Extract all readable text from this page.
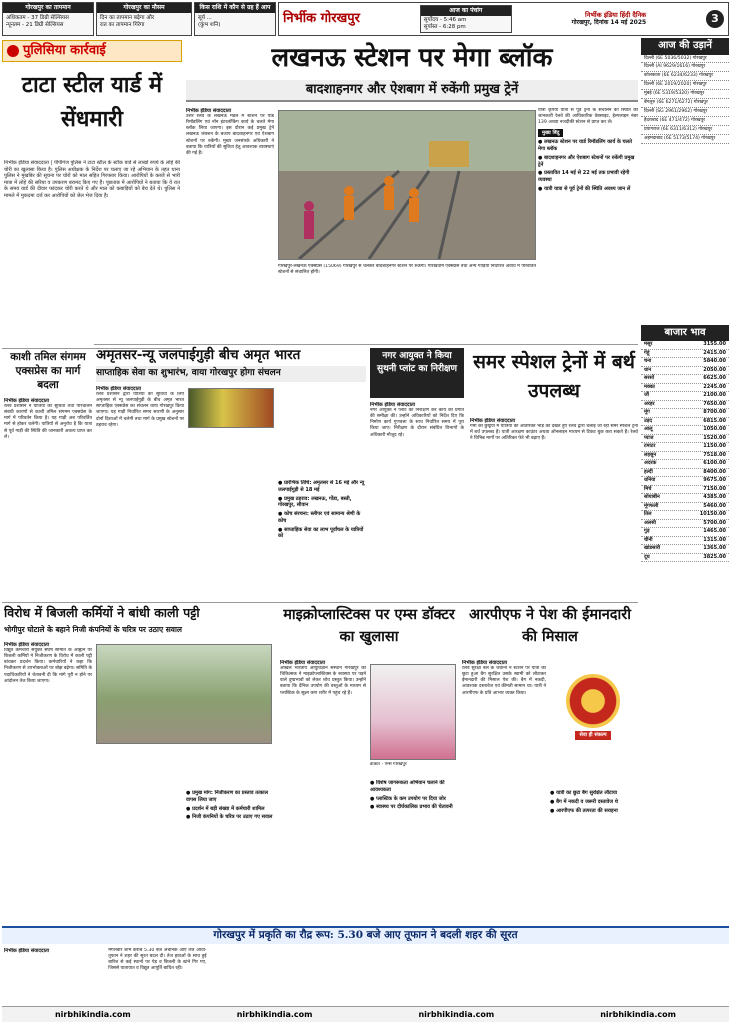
गोरखपुर का तापमान
अधिकतम - 37 डिग्री सेल्सियस
न्यूनतम - 21 डिग्री सेल्सियस
गोरखपुर का मौसम
दिन का तापमान बढ़ेगा और
रात का तापमान गिरेगा
किस राशि में कौन से ग्रह हैं आप
सूर्य ...
(कुंभ शनि)	निर्भीक गोरखपुर
आज का पंचांग
सूर्योदय - 5:46 am
सूर्यास्त - 6:28 pm
निर्भीक इंडिया हिंदी दैनिक
गोरखपुर, दिनांक 14 मई 2025	3
पुलिसिया कार्रवाई
टाटा स्टील यार्ड में सेंधमारी
निर्भीक इंडिया संवाददाता | पीपीगंज पुलिस ने टाटा स्टील के स्टॉक यार्ड से लाखों रुपये के लोहे की चोरी का खुलासा किया है। पुलिस अधीक्षक के निर्देश पर चलाए जा रहे अभियान के तहत थाना पुलिस ने मुखबिर की सूचना पर चोरों को माल सहित गिरफ्तार किया। आरोपियों के कब्जे से भारी मात्रा में लोहे की सरिया व उपकरण बरामद किए गए हैं। पूछताछ में आरोपियों ने बताया कि वे रात के समय यार्ड की दीवार फांदकर चोरी करते थे और माल को कबाड़ियों को बेच देते थे। पुलिस ने मामले में मुकदमा दर्ज कर आरोपियों को जेल भेज दिया है।
काशी तमिल संगमम एक्सप्रेस का मार्ग बदला
निर्भीक इंडिया संवाददाता
रेलवे प्रशासन ने यात्रियों की सुविधा तथा परिचालन संबंधी कारणों से काशी तमिल संगमम एक्सप्रेस के मार्ग में परिवर्तन किया है। यह गाड़ी अब परिवर्तित मार्ग से होकर चलेगी। यात्रियों से अनुरोध है कि यात्रा से पूर्व गाड़ी की स्थिति की जानकारी अवश्य प्राप्त कर लें।
लखनऊ स्टेशन पर मेगा ब्लॉक
बादशाहनगर और ऐशबाग में रुकेंगी प्रमुख ट्रेनें
निर्भीक इंडिया संवाददाता
उत्तर रेलवे के लखनऊ मंडल में स्टेशन पर यार्ड रिमॉडलिंग एवं नॉन इंटरलॉकिंग कार्य के चलते मेगा ब्लॉक लिया जाएगा। इस दौरान कई प्रमुख ट्रेनें लखनऊ जंक्शन के बजाय बादशाहनगर एवं ऐशबाग स्टेशनों पर रुकेंगी। मुख्य जनसंपर्क अधिकारी ने बताया कि यात्रियों की सुविधा हेतु आवश्यक व्यवस्थाएं की गई हैं।
यात्री कृपया यात्रा से पूर्व ट्रेनों के संचालन की स्थिति की जानकारी रेलवे की आधिकारिक वेबसाइट, हेल्पलाइन नंबर 139 अथवा नजदीकी स्टेशन से प्राप्त कर लें।
मुख्य बिंदु
● लखनऊ स्टेशन पर यार्ड रिमॉडलिंग कार्य के चलते मेगा ब्लॉक
● बादशाहनगर और ऐशबाग स्टेशनों पर रुकेंगी प्रमुख ट्रेनें
● प्रस्तावित 14 मई से 22 मई तक प्रभावी रहेगी व्यवस्था
● यात्री यात्रा से पूर्व ट्रेनों की स्थिति अवश्य जान लें
गोरखपुर-लखनऊ एक्सप्रेस (15069) गोरखपुर से चलकर बादशाहनगर स्टेशन पर रुकेगी। गोरखधाम एक्सप्रेस तथा अन्य गाड़ियां निर्धारित अवधि में परिवर्तित स्टेशनों से संचालित होंगी।
अमृतसर-न्यू जलपाईगुड़ी बीच अमृत भारत
साप्ताहिक सेवा का शुभारंभ, वाया गोरखपुर होगा संचलन
निर्भीक इंडिया संवाददाता
रेलवे प्रशासन द्वारा यात्रियों की सुविधा के लिए अमृतसर से न्यू जलपाईगुड़ी के बीच अमृत भारत साप्ताहिक एक्सप्रेस का संचलन वाया गोरखपुर किया जाएगा। यह गाड़ी निर्धारित समय सारणी के अनुसार दोनों दिशाओं में चलेगी तथा मार्ग के प्रमुख स्टेशनों पर ठहराव रहेगा।
● प्रारंभिक तिथि: अमृतसर से 16 मई और न्यू जलपाईगुड़ी से 18 मई
● प्रमुख ठहराव: लखनऊ, गोंडा, बस्ती, गोरखपुर, सीवान
● कोच संरचना: स्लीपर एवं सामान्य श्रेणी के कोच
● साप्ताहिक सेवा का लाभ पूर्वांचल के यात्रियों को
नगर आयुक्त ने किया सुथनी प्लांट का निरीक्षण
निर्भीक इंडिया संवाददाता
नगर आयुक्त ने प्लांट का निरीक्षण कर कार्य की प्रगति की समीक्षा की। उन्होंने अधिकारियों को निर्देश दिए कि निर्माण कार्य गुणवत्ता के साथ निर्धारित समय में पूरा किया जाए। निरीक्षण के दौरान संबंधित विभागों के अधिकारी मौजूद रहे।
समर स्पेशल ट्रेनों में बर्थ उपलब्ध
निर्भीक इंडिया संवाददाता
गर्मी की छुट्टियों में यात्रियों की अतिरिक्त भीड़ को देखते हुए रेलवे द्वारा चलाई जा रही समर स्पेशल ट्रेनों में बर्थ उपलब्ध हैं। यात्री आरक्षण काउंटर अथवा ऑनलाइन माध्यम से टिकट बुक करा सकते हैं। रेलवे ने विभिन्न मार्गों पर अतिरिक्त फेरे भी बढ़ाए हैं।
विरोध में बिजली कर्मियों ने बांधी काली पट्टी
भोगीपुर घोटाले के बहाने निजी कंपनियों के चरित्र पर उठाए सवाल
निर्भीक इंडिया संवाददाता
विद्युत कर्मचारी संयुक्त संघर्ष समिति के आह्वान पर बिजली कर्मियों ने निजीकरण के विरोध में काली पट्टी बांधकर प्रदर्शन किया। कर्मचारियों ने कहा कि निजीकरण से उपभोक्ताओं पर बोझ बढ़ेगा। समिति के पदाधिकारियों ने चेतावनी दी कि मांगे पूरी न होने पर आंदोलन तेज किया जाएगा।
● प्रमुख मांग: निजीकरण का प्रस्ताव तत्काल वापस लिया जाए
● प्रदर्शन में बड़ी संख्या में कर्मचारी शामिल
● निजी कंपनियों के चरित्र पर उठाए गए सवाल
माइक्रोप्लास्टिक्स पर एम्स डॉक्टर का खुलासा
निर्भीक इंडिया संवाददाता
अखिल भारतीय आयुर्विज्ञान संस्थान गोरखपुर की चिकित्सक ने माइक्रोप्लास्टिक्स के स्वास्थ्य पर पड़ने वाले दुष्प्रभावों को लेकर शोध प्रस्तुत किया। उन्होंने बताया कि दैनिक उपयोग की वस्तुओं के माध्यम से प्लास्टिक के सूक्ष्म कण शरीर में पहुंच रहे हैं।
डॉक्टर - एम्स गोरखपुर
● विशेष जागरूकता अभियान चलाने की आवश्यकता
● प्लास्टिक के कम उपयोग पर दिया जोर
● स्वास्थ्य पर दीर्घकालिक प्रभाव की चेतावनी
आरपीएफ ने पेश की ईमानदारी की मिसाल
निर्भीक इंडिया संवाददाता
रेलवे सुरक्षा बल के जवानों ने स्टेशन पर यात्री का छूटा हुआ बैग सुरक्षित उसके स्वामी को लौटाकर ईमानदारी की मिसाल पेश की। बैग में नकदी, आवश्यक दस्तावेज एवं कीमती सामान था। यात्री ने आरपीएफ के प्रति आभार व्यक्त किया।
सेवा ही संकल्प
● यात्री का छूटा बैग सुरक्षित लौटाया
● बैग में नकदी व जरूरी दस्तावेज थे
● आरपीएफ की तत्परता की सराहना
आज की उड़ानें
दिल्ली (6E 5036/5032) गोरखपुर
दिल्ली (AI 9629/1616) गोरखपुर
कोलकाता (6E 6234/6233) गोरखपुर
दिल्ली (6E 2019/2020) गोरखपुर
मुंबई (6E 5319/5320) गोरखपुर
बेंगलुरु (6E 6271/6272) गोरखपुर
दिल्ली (SG 2961/2962) गोरखपुर
हैदराबाद (6E 471/472) गोरखपुर
प्रयागराज (6E 6311/6312) गोरखपुर
अहमदाबाद (6E 5173/5174) गोरखपुर
बाजार भाव
मसूर	3155.00
गेहूं	2415.00
चना	5840.00
धान	2050.00
सरसों	6625.00
मक्का	2245.00
जौ	2100.00
अरहर	7650.00
मूंग	8700.00
उड़द	6815.00
आलू	1050.00
प्याज	1520.00
टमाटर	1150.00
लहसुन	7518.00
अदरक	6100.00
हल्दी	8400.00
धनिया	9675.00
मिर्च	7150.00
सोयाबीन	4385.00
मूंगफली	5460.00
तिल	10150.00
अलसी	5700.00
गुड़	1465.00
चीनी	1315.00
खांडसारी	1365.00
दूध	3825.00
गोरखपुर में प्रकृति का रौद्र रूप: 5.30 बजे आए तूफान ने बदली शहर की सूरत
निर्भीक इंडिया संवाददाता	मंगलवार शाम करीब 5.30 बजे अचानक आए तेज आंधी-तूफान ने शहर की सूरत बदल दी। तेज हवाओं के साथ हुई बारिश से कई स्थानों पर पेड़ व बिजली के खंभे गिर गए, जिससे यातायात व विद्युत आपूर्ति बाधित रही।
nirbhikindia.com	nirbhikindia.com	nirbhikindia.com	nirbhikindia.com
